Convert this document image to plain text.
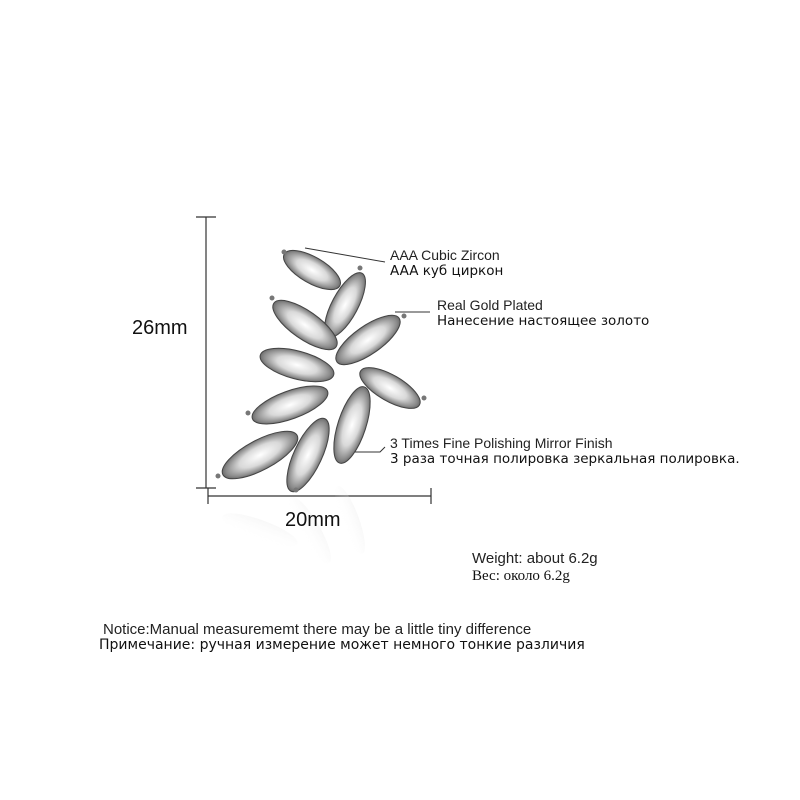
26mm
20mm
AAA Cubic Zircon
AAA куб циркон
Real Gold Plated
Нанесение настоящее золото
3 Times Fine Polishing Mirror Finish
3 раза точная полировка зеркальная полировка.
Weight: about 6.2g
Вес: около 6.2g
Notice:Manual measurememt there may be a little tiny difference
Примечание: ручная измерение может немного тонкие различия
